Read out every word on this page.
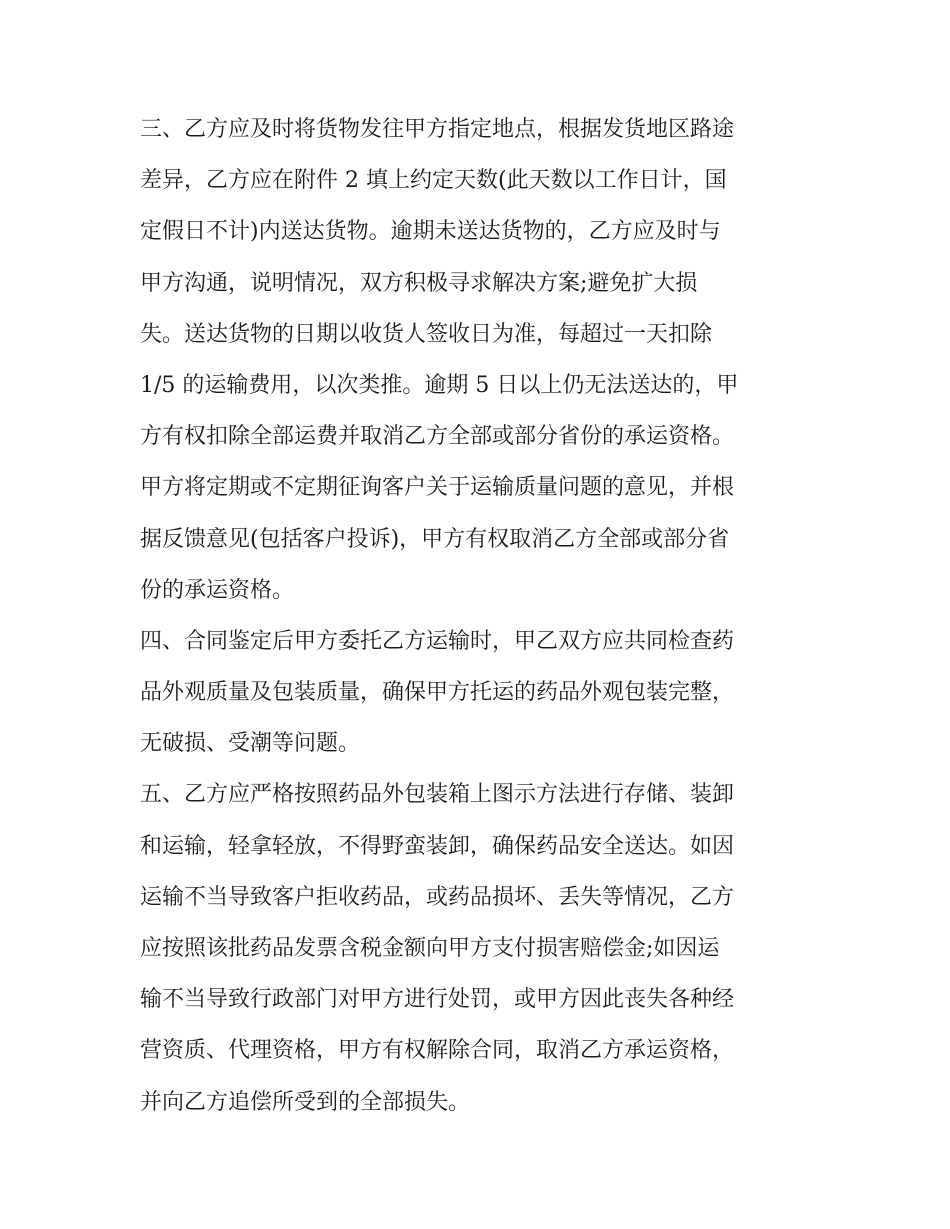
三、乙方应及时将货物发往甲方指定地点，根据发货地区路途
差异，乙方应在附件 2 填上约定天数(此天数以工作日计，国
定假日不计)内送达货物。逾期未送达货物的，乙方应及时与
甲方沟通，说明情况，双方积极寻求解决方案;避免扩大损
失。送达货物的日期以收货人签收日为准，每超过一天扣除
1/5 的运输费用，以次类推。逾期 5 日以上仍无法送达的，甲
方有权扣除全部运费并取消乙方全部或部分省份的承运资格。
甲方将定期或不定期征询客户关于运输质量问题的意见，并根
据反馈意见(包括客户投诉)，甲方有权取消乙方全部或部分省
份的承运资格。
四、合同鉴定后甲方委托乙方运输时，甲乙双方应共同检查药
品外观质量及包装质量，确保甲方托运的药品外观包装完整，
无破损、受潮等问题。
五、乙方应严格按照药品外包装箱上图示方法进行存储、装卸
和运输，轻拿轻放，不得野蛮装卸，确保药品安全送达。如因
运输不当导致客户拒收药品，或药品损坏、丢失等情况，乙方
应按照该批药品发票含税金额向甲方支付损害赔偿金;如因运
输不当导致行政部门对甲方进行处罚，或甲方因此丧失各种经
营资质、代理资格，甲方有权解除合同，取消乙方承运资格，
并向乙方追偿所受到的全部损失。
